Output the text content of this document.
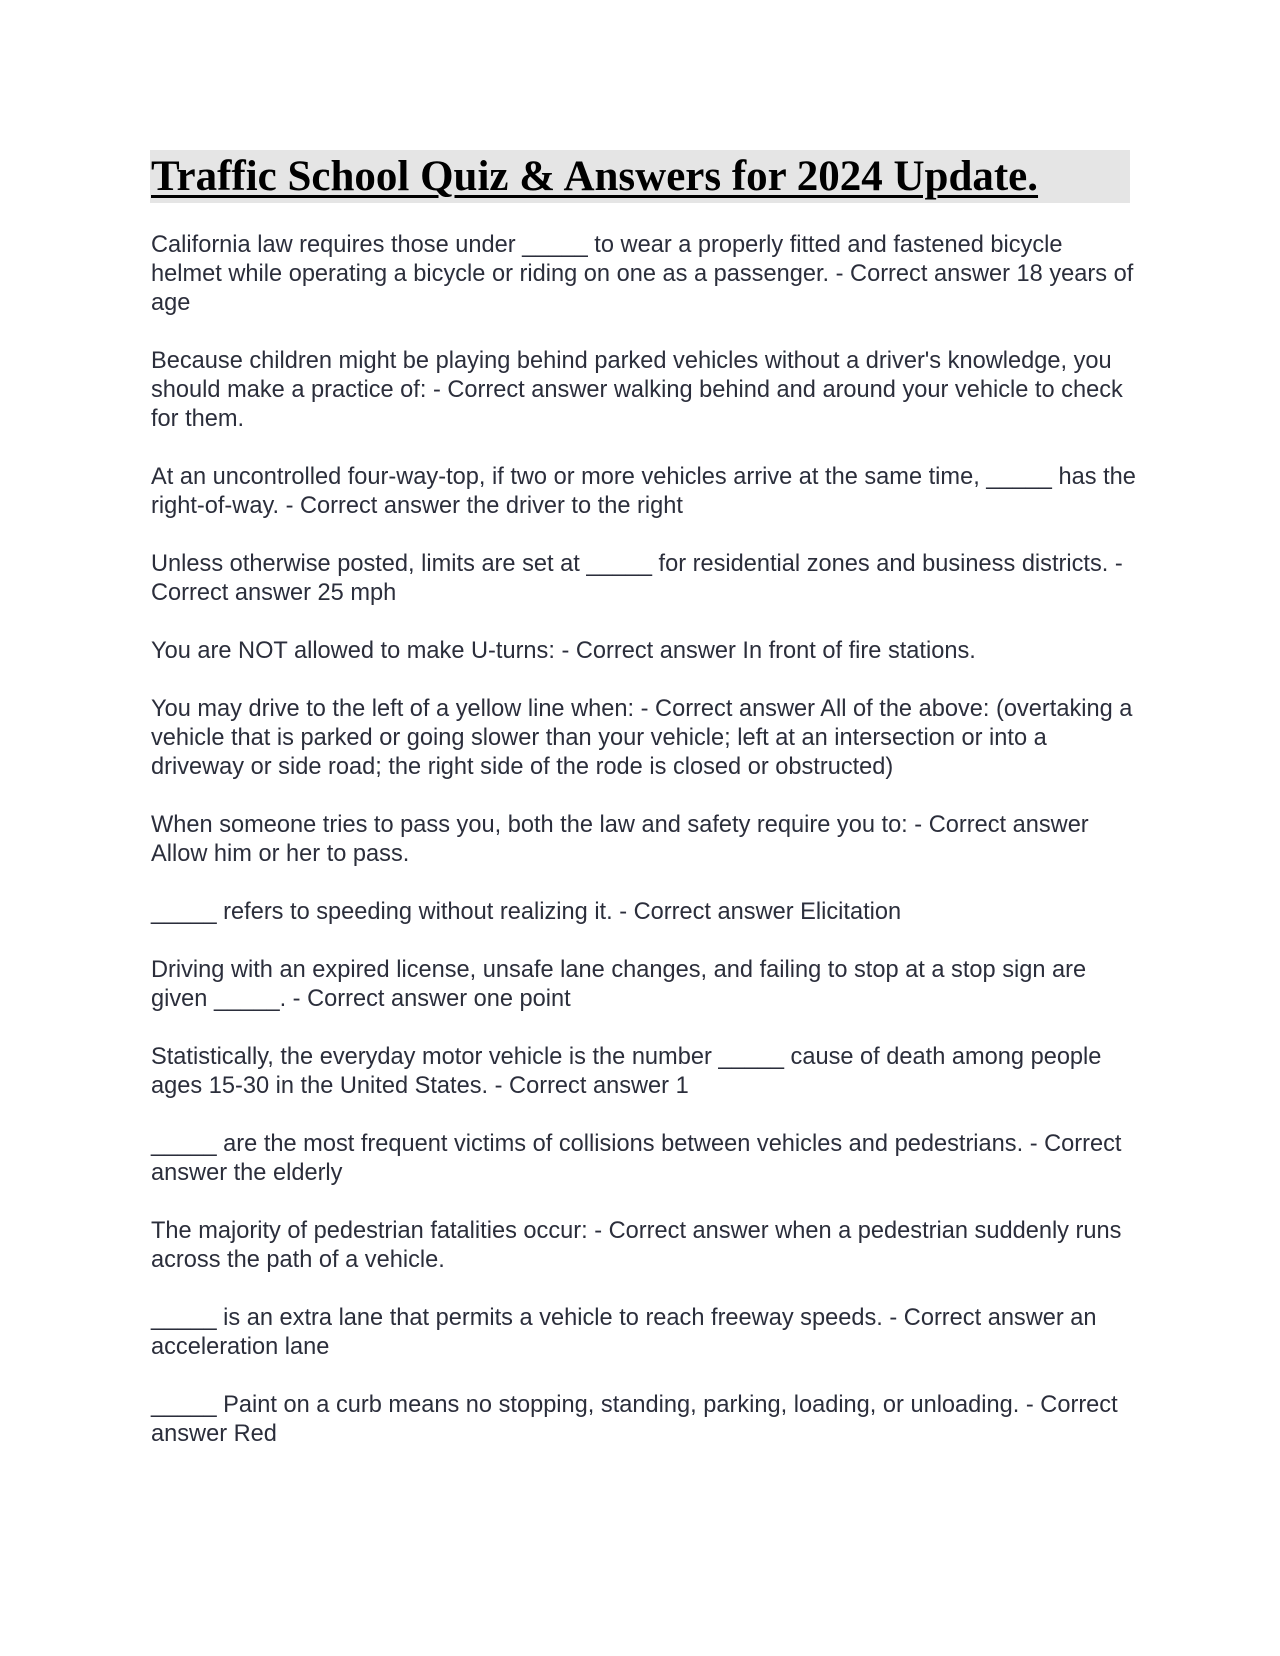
Traffic School Quiz & Answers for 2024 Update.
California law requires those under _____ to wear a properly fitted and fastened bicycle helmet while operating a bicycle or riding on one as a passenger. - Correct answer 18 years of age
Because children might be playing behind parked vehicles without a driver's knowledge, you should make a practice of: - Correct answer walking behind and around your vehicle to check for them.
At an uncontrolled four-way-top, if two or more vehicles arrive at the same time, _____ has the right-of-way. - Correct answer the driver to the right
Unless otherwise posted, limits are set at _____ for residential zones and business districts. - Correct answer 25 mph
You are NOT allowed to make U-turns: - Correct answer In front of fire stations.
You may drive to the left of a yellow line when: - Correct answer All of the above: (overtaking a vehicle that is parked or going slower than your vehicle; left at an intersection or into a driveway or side road; the right side of the rode is closed or obstructed)
When someone tries to pass you, both the law and safety require you to: - Correct answer Allow him or her to pass.
_____ refers to speeding without realizing it. - Correct answer Elicitation
Driving with an expired license, unsafe lane changes, and failing to stop at a stop sign are given _____. - Correct answer one point
Statistically, the everyday motor vehicle is the number _____ cause of death among people ages 15-30 in the United States. - Correct answer 1
_____ are the most frequent victims of collisions between vehicles and pedestrians. - Correct answer the elderly
The majority of pedestrian fatalities occur: - Correct answer when a pedestrian suddenly runs across the path of a vehicle.
_____ is an extra lane that permits a vehicle to reach freeway speeds. - Correct answer an acceleration lane
_____ Paint on a curb means no stopping, standing, parking, loading, or unloading. - Correct answer Red
